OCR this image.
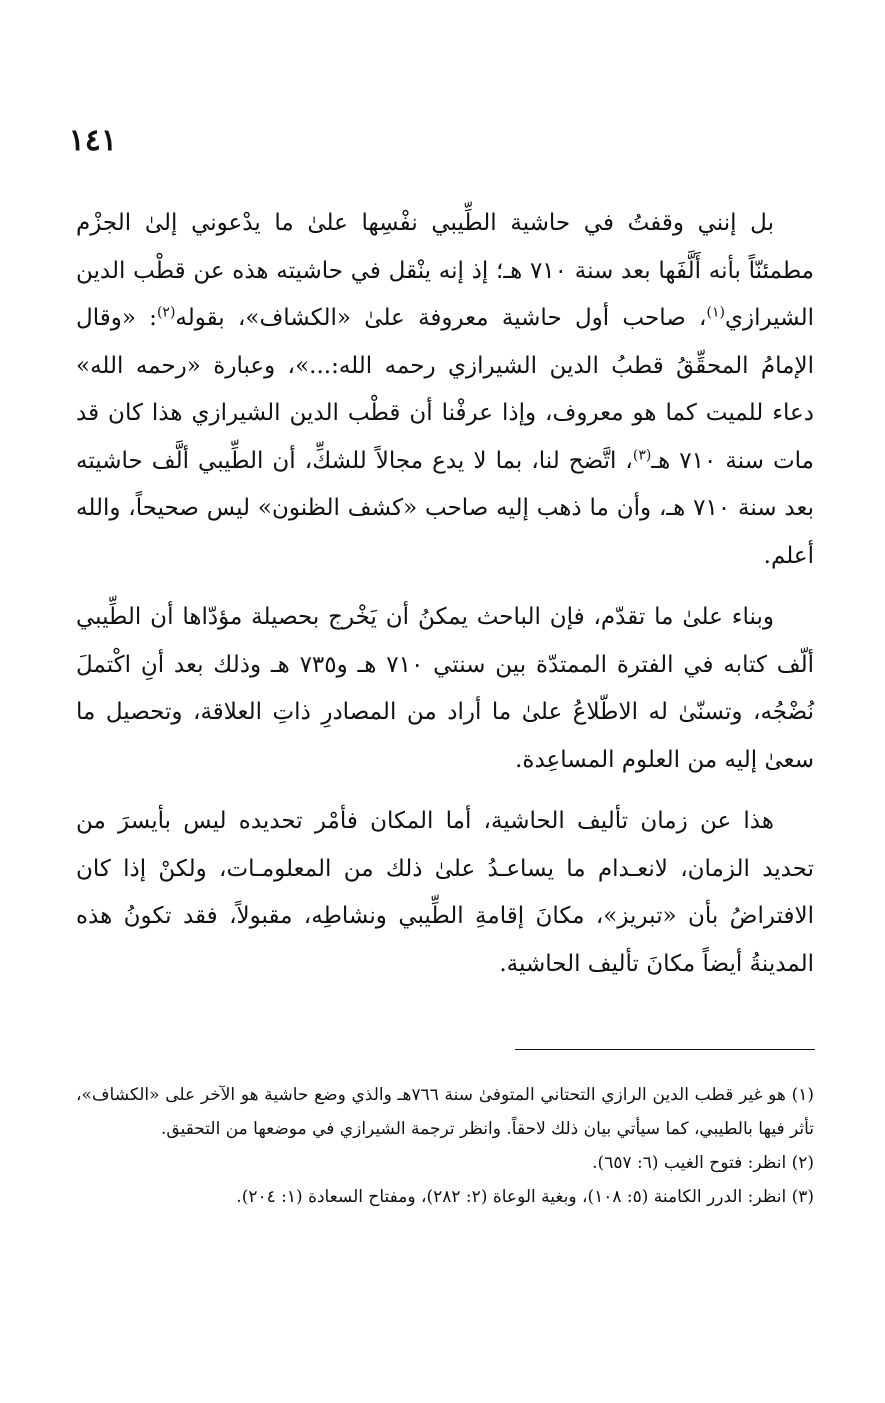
١٤١

بل إنني وقفتُ في حاشية الطِّيبي نفْسِها علىٰ ما يدْعوني إلىٰ الجزْم مطمئنّاً بأنه أَلَّفَها بعد سنة ٧١٠ هـ؛ إذ إنه ينْقل في حاشيته هذه عن قطْب الدين الشيرازي$^{(١)}$، صاحب أول حاشية معروفة علىٰ «الكشاف»، بقوله$^{(٢)}$: «وقال الإمامُ المحقِّقُ قطبُ الدين الشيرازي رحمه الله:...»، وعبارة «رحمه الله» دعاء للميت كما هو معروف، وإذا عرفْنا أن قطْب الدين الشيرازي هذا كان قد مات سنة ٧١٠ هـ$^{(٣)}$، اتَّضح لنا، بما لا يدع مجالاً للشكِّ، أن الطِّيبي ألَّف حاشيته بعد سنة ٧١٠ هـ، وأن ما ذهب إليه صاحب «كشف الظنون» ليس صحيحاً، والله أعلم.

وبناء علىٰ ما تقدّم، فإن الباحث يمكنُ أن يَخْرج بحصيلة مؤدّاها أن الطِّيبي ألّف كتابه في الفترة الممتدّة بين سنتي ٧١٠ هـ و٧٣٥ هـ وذلك بعد أنِ اكْتملَ نُضْجُه، وتسنّىٰ له الاطّلاعُ علىٰ ما أراد من المصادرِ ذاتِ العلاقة، وتحصيل ما سعىٰ إليه من العلوم المساعِدة.

هذا عن زمان تأليف الحاشية، أما المكان فأمْر تحديده ليس بأيسرَ من تحديد الزمان، لانعـدام ما يساعـدُ علىٰ ذلك من المعلومـات، ولكنْ إذا كان الافتراضُ بأن «تبريز»، مكانَ إقامةِ الطِّيبي ونشاطِه، مقبولاً، فقد تكونُ هذه المدينةُ أيضاً مكانَ تأليف الحاشية.

(١) هو غير قطب الدين الرازي التحتاني المتوفىٰ سنة ٧٦٦هـ والذي وضع حاشية هو الآخر على «الكشاف»، تأثر فيها بالطيبي، كما سيأتي بيان ذلك لاحقاً. وانظر ترجمة الشيرازي في موضعها من التحقيق.

(٢) انظر: فتوح الغيب (٦: ٦٥٧).

(٣) انظر: الدرر الكامنة (٥: ١٠٨)، وبغية الوعاة (٢: ٢٨٢)، ومفتاح السعادة (١: ٢٠٤).
